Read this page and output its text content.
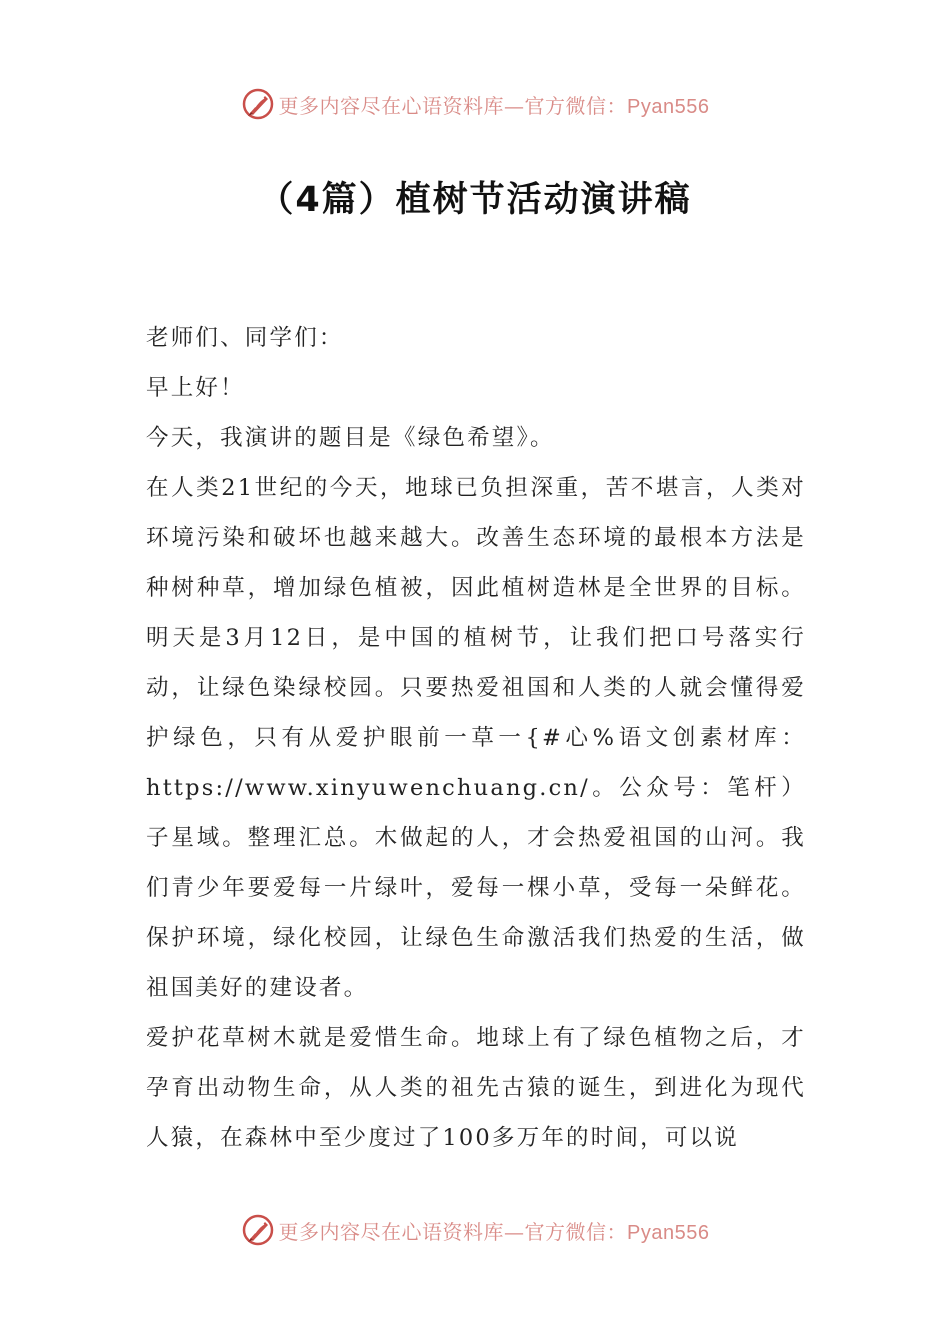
更多内容尽在心语资料库—官方微信：Pyan556
（4篇）植树节活动演讲稿

老师们、同学们：

早上好！

今天，我演讲的题目是《绿色希望》。

在人类21世纪的今天，地球已负担深重，苦不堪言，人类对环境污染和破坏也越来越大。改善生态环境的最根本方法是种树种草，增加绿色植被，因此植树造林是全世界的目标。明天是3月12日，是中国的植树节，让我们把口号落实行动，让绿色染绿校园。只要热爱祖国和人类的人就会懂得爱护绿色，只有从爱护眼前一草一{#心%语文创素材库：https://www.xinyuwenchuang.cn/。公众号：笔杆）子星域。整理汇总。木做起的人，才会热爱祖国的山河。我们青少年要爱每一片绿叶，爱每一棵小草，受每一朵鲜花。保护环境，绿化校园，让绿色生命激活我们热爱的生活，做祖国美好的建设者。

爱护花草树木就是爱惜生命。地球上有了绿色植物之后，才孕育出动物生命，从人类的祖先古猿的诞生，到进化为现代人猿，在森林中至少度过了100多万年的时间，可以说

更多内容尽在心语资料库—官方微信：Pyan556
